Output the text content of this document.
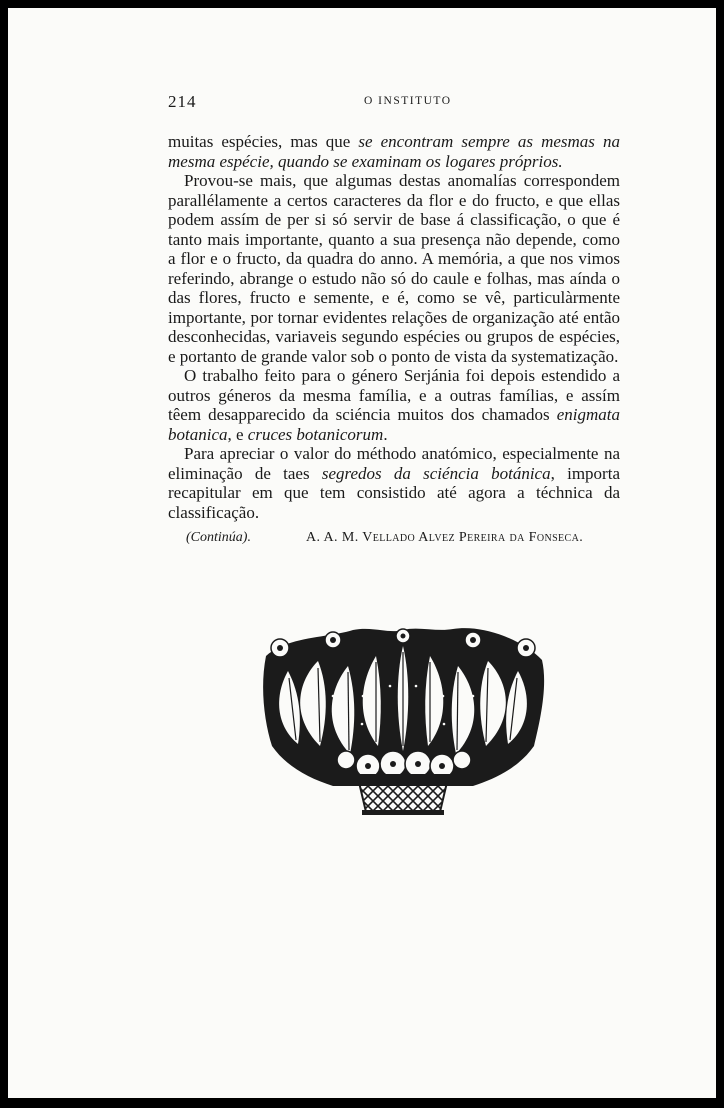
214	O INSTITUTO

muitas espécies, mas que se encontram sempre as mesmas na mesma espécie, quando se examinam os logares próprios.

Provou-se mais, que algumas destas anomalías correspondem parallélamente a certos caracteres da flor e do fructo, e que ellas podem assím de per si só servir de base á classificação, o que é tanto mais importante, quanto a sua presença não depende, como a flor e o fructo, da quadra do anno. A memória, a que nos vimos referindo, abrange o estudo não só do caule e folhas, mas aínda o das flores, fructo e semente, e é, como se vê, particulàrmente importante, por tornar evidentes relações de organização até então desconhecidas, variaveis segundo espécies ou grupos de espécies, e portanto de grande valor sob o ponto de vista da systematização.

O trabalho feito para o género Serjánia foi depois estendido a outros géneros da mesma família, e a outras famílias, e assím têem desapparecido da sciéncia muitos dos chamados enigmata botanica, e cruces botanicorum.

Para apreciar o valor do méthodo anatómico, especialmente na eliminação de taes segredos da sciéncia botánica, importa recapitular em que tem consistido até agora a téchnica da classificação.

(Continúa).	A. A. M. Vellado Alvez Pereira da Fonseca.
